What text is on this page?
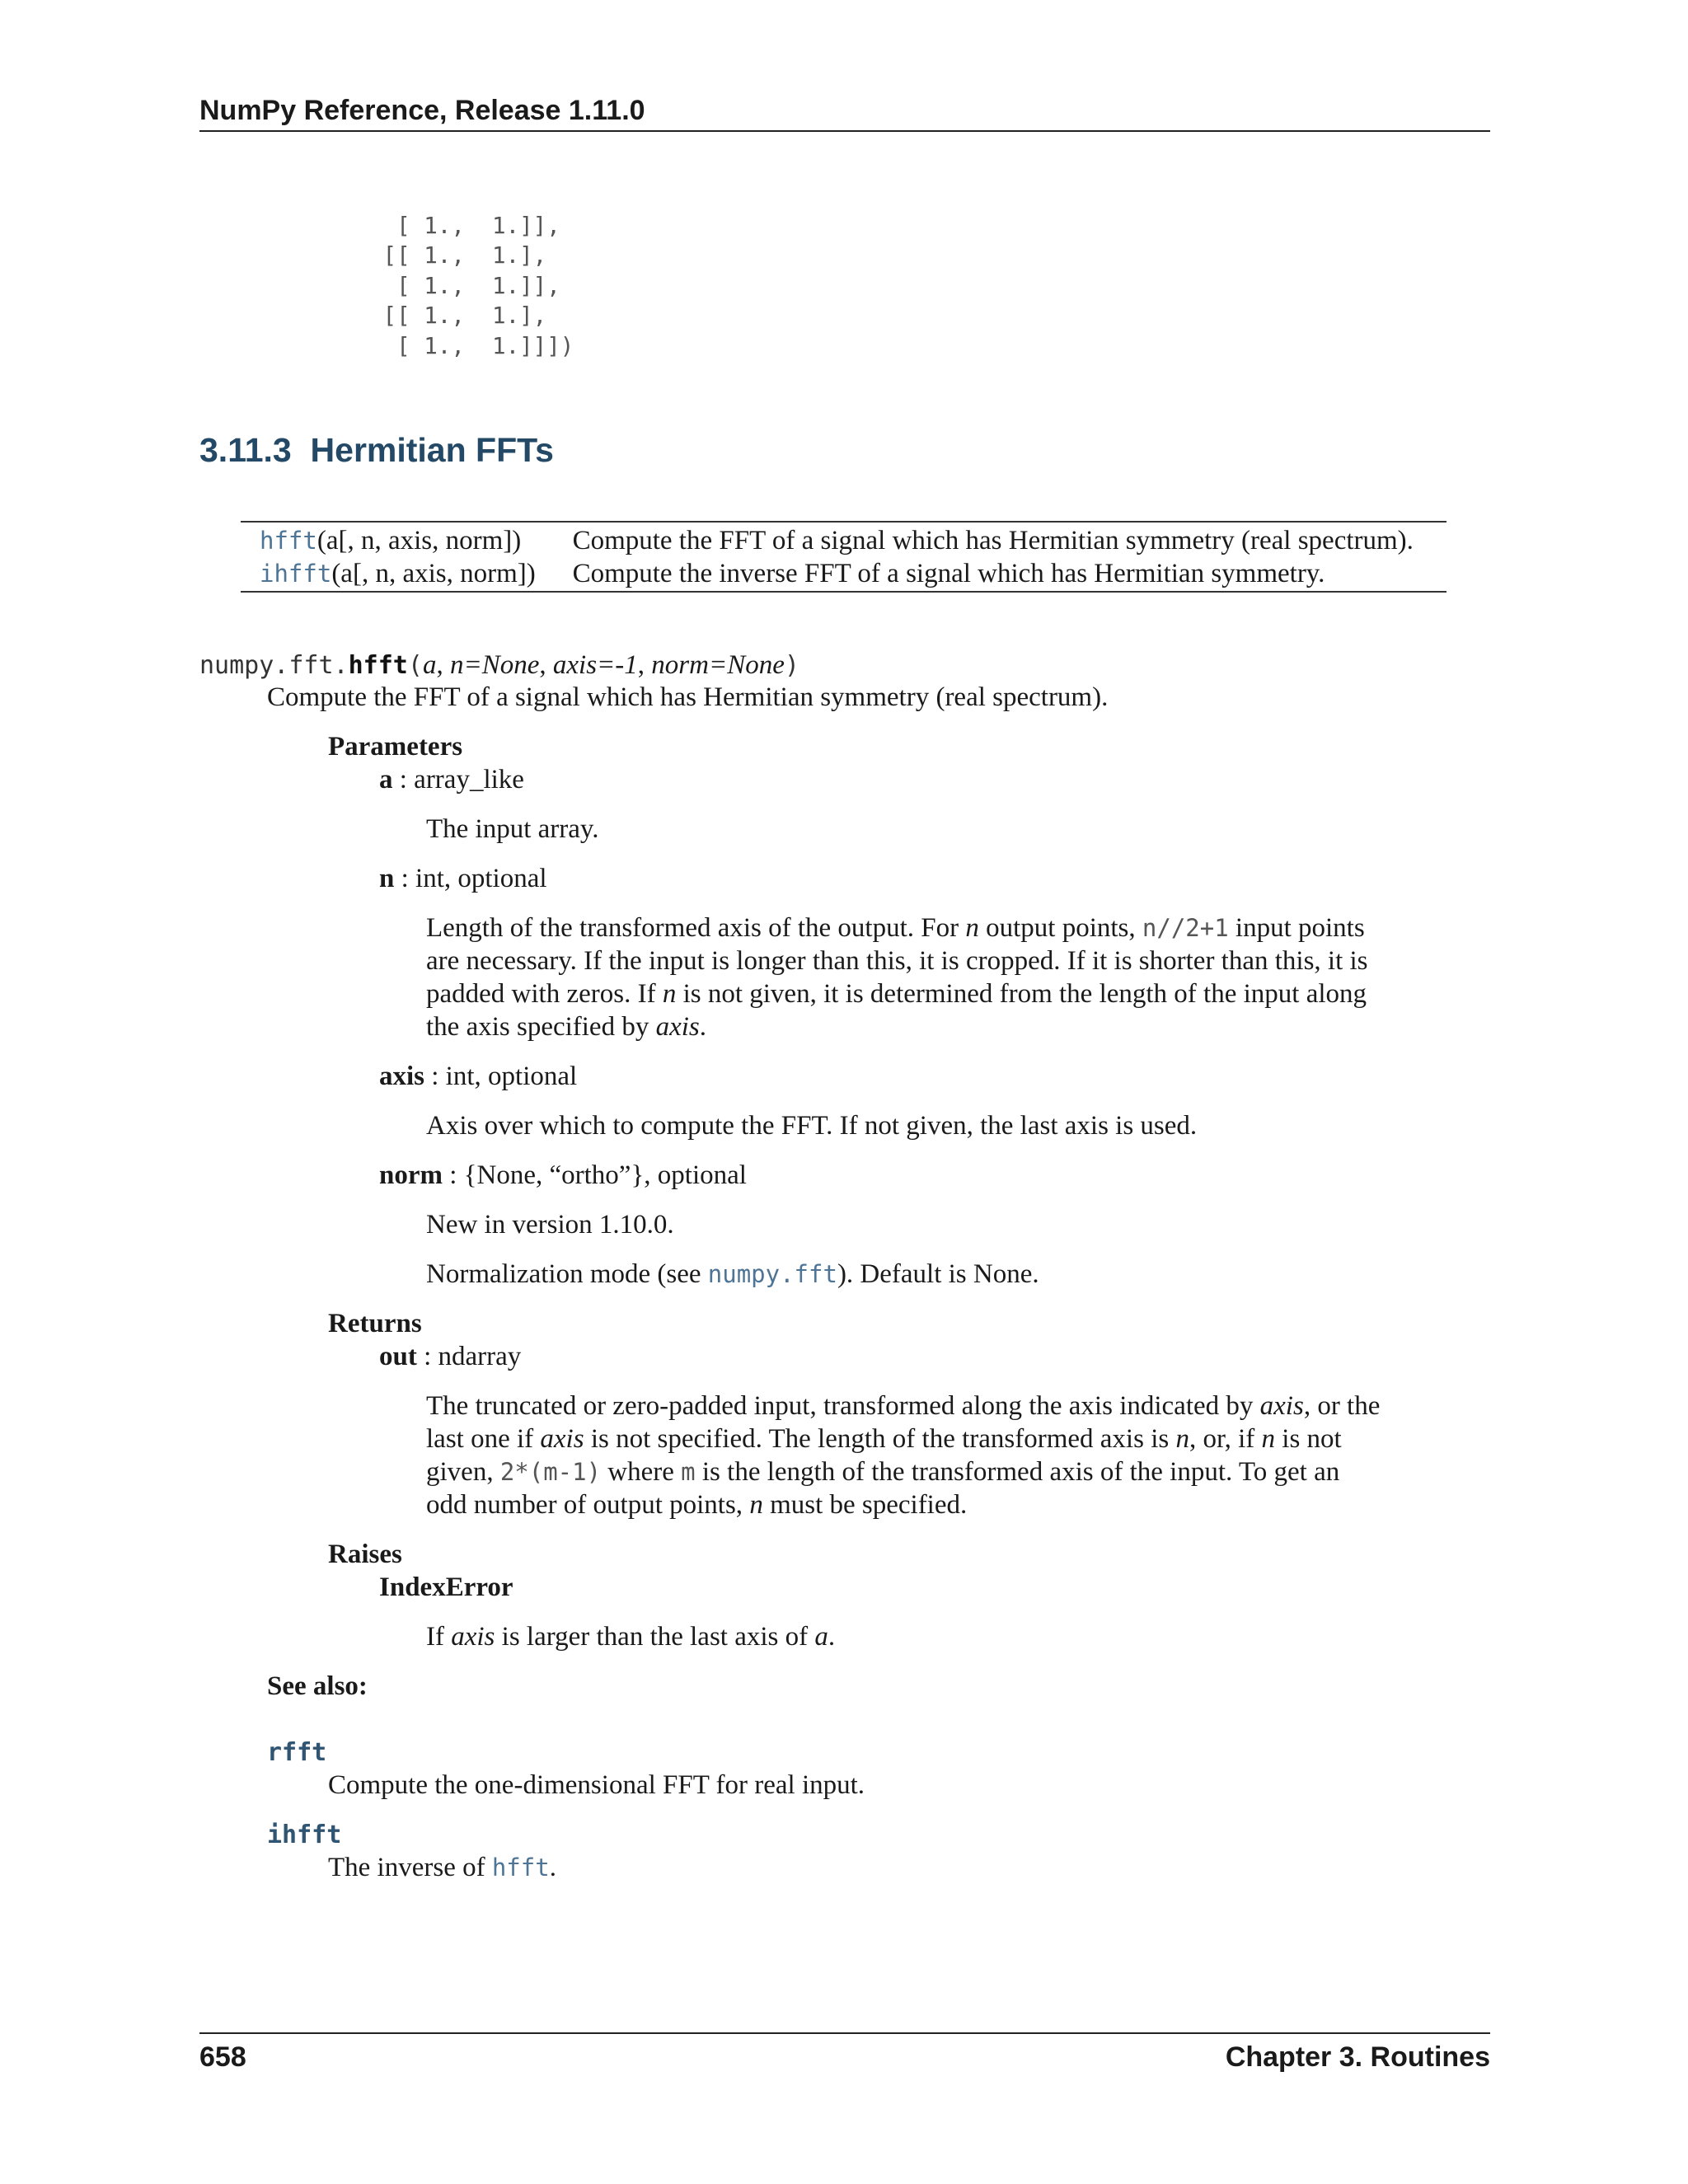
NumPy Reference, Release 1.11.0
[ 1.,  1.]],
[[ 1.,  1.],
[ 1.,  1.]],
[[ 1.,  1.],
[ 1.,  1.]]])
3.11.3 Hermitian FFTs
hfft(a[, n, axis, norm])	Compute the FFT of a signal which has Hermitian symmetry (real spectrum).
ihfft(a[, n, axis, norm])	Compute the inverse FFT of a signal which has Hermitian symmetry.
numpy.fft.hfft(a, n=None, axis=-1, norm=None)
Compute the FFT of a signal which has Hermitian symmetry (real spectrum).
Parameters
a : array_like
The input array.
n : int, optional
Length of the transformed axis of the output. For n output points, n//2+1 input points
are necessary. If the input is longer than this, it is cropped. If it is shorter than this, it is
padded with zeros. If n is not given, it is determined from the length of the input along
the axis specified by axis.
axis : int, optional
Axis over which to compute the FFT. If not given, the last axis is used.
norm : {None, “ortho”}, optional
New in version 1.10.0.
Normalization mode (see numpy.fft). Default is None.
Returns
out : ndarray
The truncated or zero-padded input, transformed along the axis indicated by axis, or the
last one if axis is not specified. The length of the transformed axis is n, or, if n is not
given, 2*(m-1) where m is the length of the transformed axis of the input. To get an
odd number of output points, n must be specified.
Raises
IndexError
If axis is larger than the last axis of a.
See also:
rfft
Compute the one-dimensional FFT for real input.
ihfft
The inverse of hfft.
658	Chapter 3. Routines
